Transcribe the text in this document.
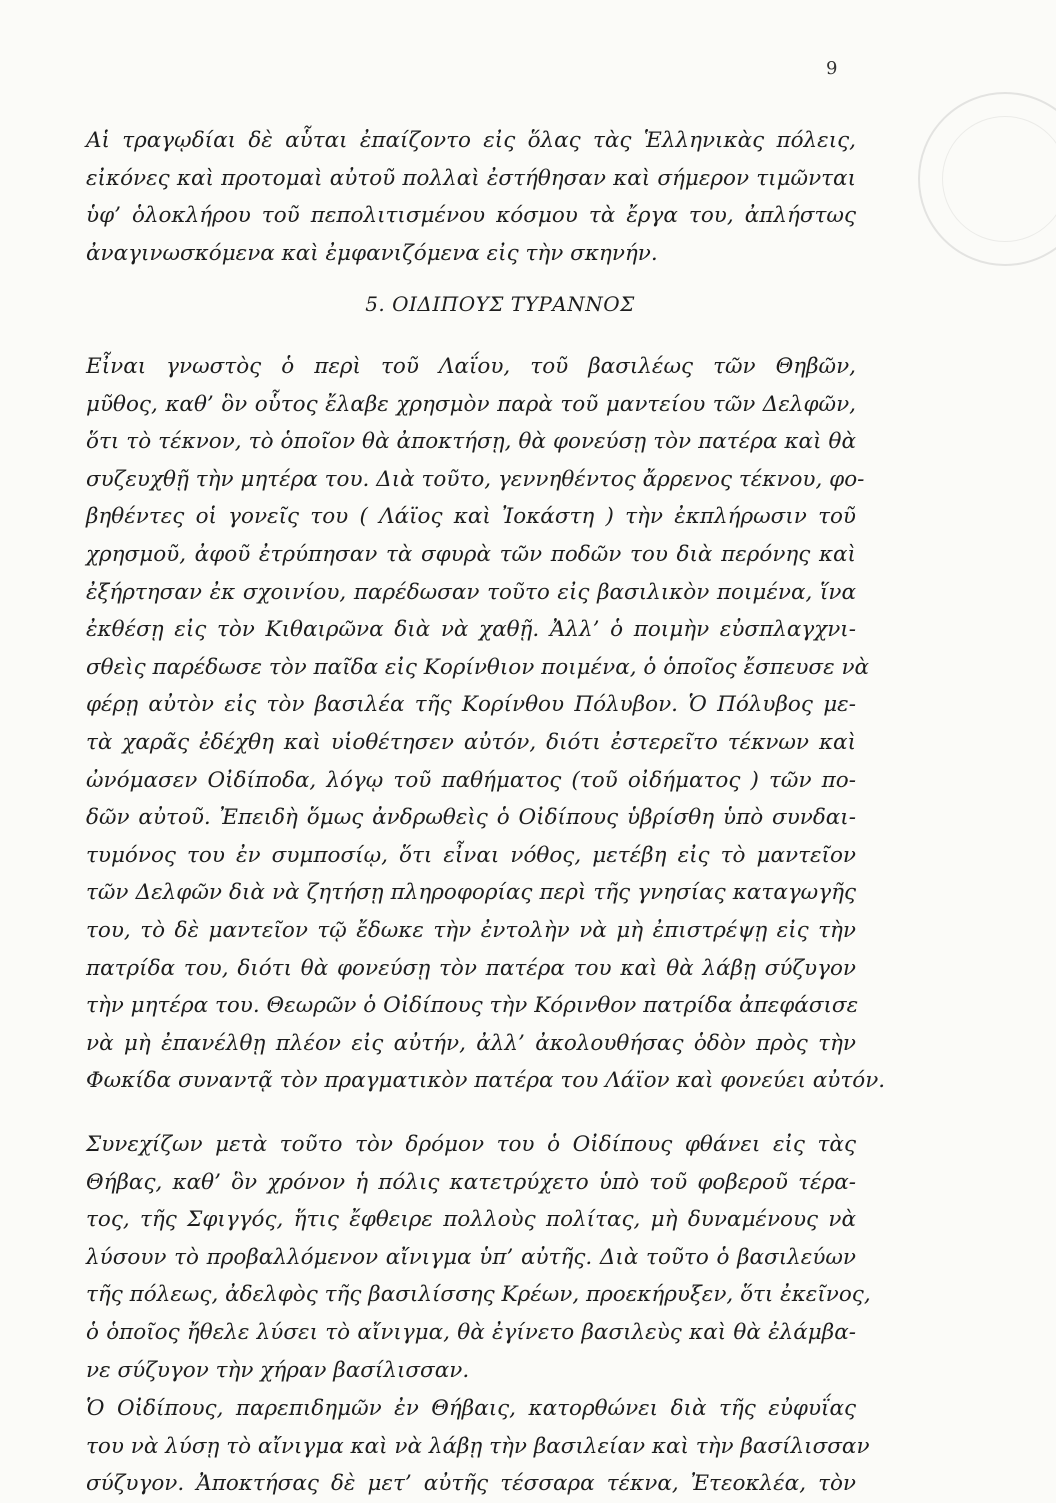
9
Αἱ τραγῳδίαι δὲ αὗται ἐπαίζοντο εἰς ὅλας τὰς Ἑλληνικὰς πόλεις,
εἰκόνες καὶ προτομαὶ αὐτοῦ πολλαὶ ἐστήθησαν καὶ σήμερον τιμῶνται
ὑφ’ ὁλοκλήρου τοῦ πεπολιτισμένου κόσμου τὰ ἔργα του, ἀπλήστως
ἀναγινωσκόμενα καὶ ἐμφανιζόμενα εἰς τὴν σκηνήν.
5. ΟΙΔΙΠΟΥΣ ΤΥΡΑΝΝΟΣ
Εἶναι γνωστὸς ὁ περὶ τοῦ Λαΐου, τοῦ βασιλέως τῶν Θηβῶν,
μῦθος, καθ’ ὃν οὗτος ἔλαβε χρησμὸν παρὰ τοῦ μαντείου τῶν Δελφῶν,
ὅτι τὸ τέκνον, τὸ ὁποῖον θὰ ἀποκτήσῃ, θὰ φονεύσῃ τὸν πατέρα καὶ θὰ
συζευχθῇ τὴν μητέρα του. Διὰ τοῦτο, γεννηθέντος ἄρρενος τέκνου, φο-
βηθέντες οἱ γονεῖς του ( Λάϊος καὶ Ἰοκάστη ) τὴν ἐκπλήρωσιν τοῦ
χρησμοῦ, ἀφοῦ ἐτρύπησαν τὰ σφυρὰ τῶν ποδῶν του διὰ περόνης καὶ
ἐξήρτησαν ἐκ σχοινίου, παρέδωσαν τοῦτο εἰς βασιλικὸν ποιμένα, ἵνα
ἐκθέσῃ εἰς τὸν Κιθαιρῶνα διὰ νὰ χαθῇ. Ἀλλ’ ὁ ποιμὴν εὐσπλαγχνι-
σθεὶς παρέδωσε τὸν παῖδα εἰς Κορίνθιον ποιμένα, ὁ ὁποῖος ἔσπευσε νὰ
φέρῃ αὐτὸν εἰς τὸν βασιλέα τῆς Κορίνθου Πόλυβον. Ὁ Πόλυβος με-
τὰ χαρᾶς ἐδέχθη καὶ υἱοθέτησεν αὐτόν, διότι ἐστερεῖτο τέκνων καὶ
ὠνόμασεν Οἰδίποδα, λόγῳ τοῦ παθήματος (τοῦ οἰδήματος ) τῶν πο-
δῶν αὐτοῦ. Ἐπειδὴ ὅμως ἀνδρωθεὶς ὁ Οἰδίπους ὑβρίσθη ὑπὸ συνδαι-
τυμόνος του ἐν συμποσίῳ, ὅτι εἶναι νόθος, μετέβη εἰς τὸ μαντεῖον
τῶν Δελφῶν διὰ νὰ ζητήσῃ πληροφορίας περὶ τῆς γνησίας καταγωγῆς
του, τὸ δὲ μαντεῖον τῷ ἔδωκε τὴν ἐντολὴν νὰ μὴ ἐπιστρέψῃ εἰς τὴν
πατρίδα του, διότι θὰ φονεύσῃ τὸν πατέρα του καὶ θὰ λάβῃ σύζυγον
τὴν μητέρα του. Θεωρῶν ὁ Οἰδίπους τὴν Κόρινθον πατρίδα ἀπεφάσισε
νὰ μὴ ἐπανέλθῃ πλέον εἰς αὐτήν, ἀλλ’ ἀκολουθήσας ὁδὸν πρὸς τὴν
Φωκίδα συναντᾷ τὸν πραγματικὸν πατέρα του Λάϊον καὶ φονεύει αὐτόν.
Συνεχίζων μετὰ τοῦτο τὸν δρόμον του ὁ Οἰδίπους φθάνει εἰς τὰς
Θήβας, καθ’ ὃν χρόνον ἡ πόλις κατετρύχετο ὑπὸ τοῦ φοβεροῦ τέρα-
τος, τῆς Σφιγγός, ἥτις ἔφθειρε πολλοὺς πολίτας, μὴ δυναμένους νὰ
λύσουν τὸ προβαλλόμενον αἴνιγμα ὑπ’ αὐτῆς. Διὰ τοῦτο ὁ βασιλεύων
τῆς πόλεως, ἀδελφὸς τῆς βασιλίσσης Κρέων, προεκήρυξεν, ὅτι ἐκεῖνος,
ὁ ὁποῖος ἤθελε λύσει τὸ αἴνιγμα, θὰ ἐγίνετο βασιλεὺς καὶ θὰ ἐλάμβα-
νε σύζυγον τὴν χήραν βασίλισσαν.
Ὁ Οἰδίπους, παρεπιδημῶν ἐν Θήβαις, κατορθώνει διὰ τῆς εὐφυΐας
του νὰ λύσῃ τὸ αἴνιγμα καὶ νὰ λάβῃ τὴν βασιλείαν καὶ τὴν βασίλισσαν
σύζυγον. Ἀποκτήσας δὲ μετ’ αὐτῆς τέσσαρα τέκνα, Ἐτεοκλέα, τὸν
